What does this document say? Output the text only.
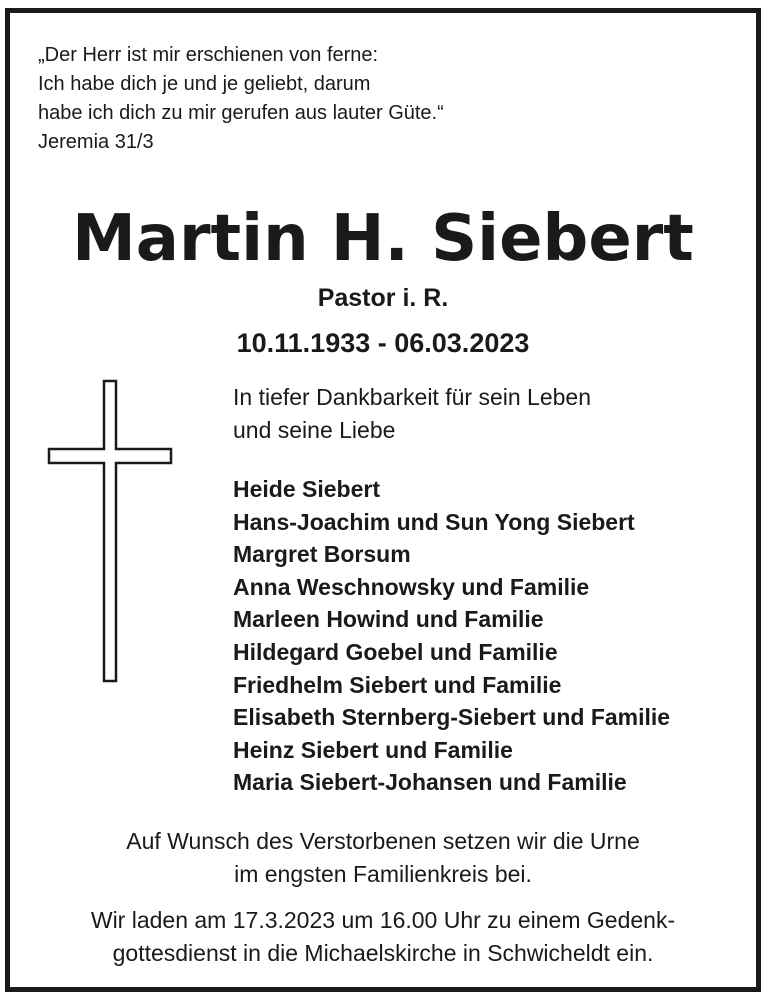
„Der Herr ist mir erschienen von ferne:
Ich habe dich je und je geliebt, darum
habe ich dich zu mir gerufen aus lauter Güte.“
Jeremia 31/3
Martin H. Siebert
Pastor i. R.
10.11.1933 - 06.03.2023
In tiefer Dankbarkeit für sein Leben
und seine Liebe
Heide Siebert
Hans-Joachim und Sun Yong Siebert
Margret Borsum
Anna Weschnowsky und Familie
Marleen Howind und Familie
Hildegard Goebel und Familie
Friedhelm Siebert und Familie
Elisabeth Sternberg-Siebert und Familie
Heinz Siebert und Familie
Maria Siebert-Johansen und Familie
Auf Wunsch des Verstorbenen setzen wir die Urne
im engsten Familienkreis bei.
Wir laden am 17.3.2023 um 16.00 Uhr zu einem Gedenk-
gottesdienst in die Michaelskirche in Schwicheldt ein.
